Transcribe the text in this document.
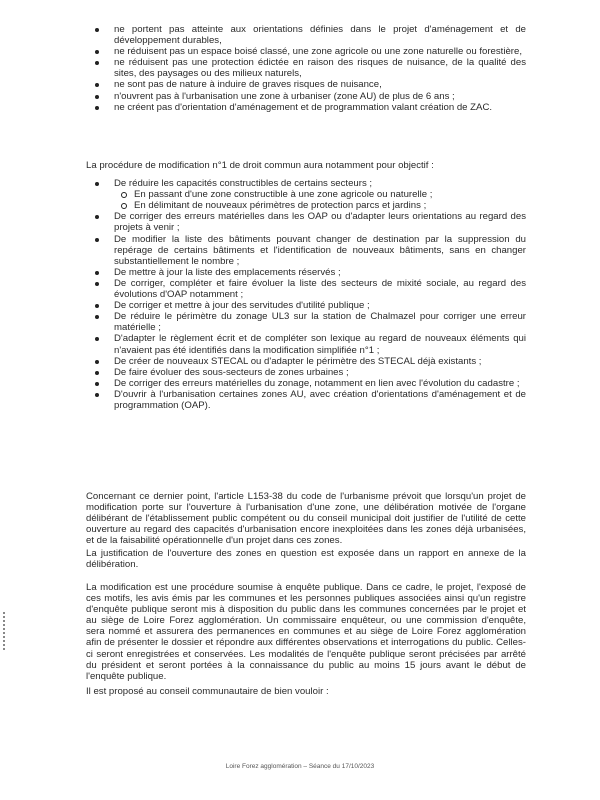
ne portent pas atteinte aux orientations définies dans le projet d'aménagement et de développement durables,
ne réduisent pas un espace boisé classé, une zone agricole ou une zone naturelle ou forestière,
ne réduisent pas une protection édictée en raison des risques de nuisance, de la qualité des sites, des paysages ou des milieux naturels,
ne sont pas de nature à induire de graves risques de nuisance,
n'ouvrent pas à l'urbanisation une zone à urbaniser (zone AU) de plus de 6 ans ;
ne créent pas d'orientation d'aménagement et de programmation valant création de ZAC.

La procédure de modification n°1 de droit commun aura notamment pour objectif :

De réduire les capacités constructibles de certains secteurs ;
En passant d'une zone constructible à une zone agricole ou naturelle ;
En délimitant de nouveaux périmètres de protection parcs et jardins ;
De corriger des erreurs matérielles dans les OAP ou d'adapter leurs orientations au regard des projets à venir ;
De modifier la liste des bâtiments pouvant changer de destination par la suppression du repérage de certains bâtiments et l'identification de nouveaux bâtiments, sans en changer substantiellement le nombre ;
De mettre à jour la liste des emplacements réservés ;
De corriger, compléter et faire évoluer la liste des secteurs de mixité sociale, au regard des évolutions d'OAP notamment ;
De corriger et mettre à jour des servitudes d'utilité publique ;
De réduire le périmètre du zonage UL3 sur la station de Chalmazel pour corriger une erreur matérielle ;
D'adapter le règlement écrit et de compléter son lexique au regard de nouveaux éléments qui n'avaient pas été identifiés dans la modification simplifiée n°1 ;
De créer de nouveaux STECAL ou d'adapter le périmètre des STECAL déjà existants ;
De faire évoluer des sous-secteurs de zones urbaines ;
De corriger des erreurs matérielles du zonage, notamment en lien avec l'évolution du cadastre ;
D'ouvrir à l'urbanisation certaines zones AU, avec création d'orientations d'aménagement et de programmation (OAP).

Concernant ce dernier point, l'article L153-38 du code de l'urbanisme prévoit que lorsqu'un projet de modification porte sur l'ouverture à l'urbanisation d'une zone, une délibération motivée de l'organe délibérant de l'établissement public compétent ou du conseil municipal doit justifier de l'utilité de cette ouverture au regard des capacités d'urbanisation encore inexploitées dans les zones déjà urbanisées, et de la faisabilité opérationnelle d'un projet dans ces zones.

La justification de l'ouverture des zones en question est exposée dans un rapport en annexe de la délibération.

La modification est une procédure soumise à enquête publique. Dans ce cadre, le projet, l'exposé de ces motifs, les avis émis par les communes et les personnes publiques associées ainsi qu'un registre d'enquête publique seront mis à disposition du public dans les communes concernées par le projet et au siège de Loire Forez agglomération. Un commissaire enquêteur, ou une commission d'enquête, sera nommé et assurera des permanences en communes et au siège de Loire Forez agglomération afin de présenter le dossier et répondre aux différentes observations et interrogations du public. Celles-ci seront enregistrées et conservées. Les modalités de l'enquête publique seront précisées par arrêté du président et seront portées à la connaissance du public au moins 15 jours avant le début de l'enquête publique.

Il est proposé au conseil communautaire de bien vouloir :

Loire Forez agglomération – Séance du 17/10/2023
